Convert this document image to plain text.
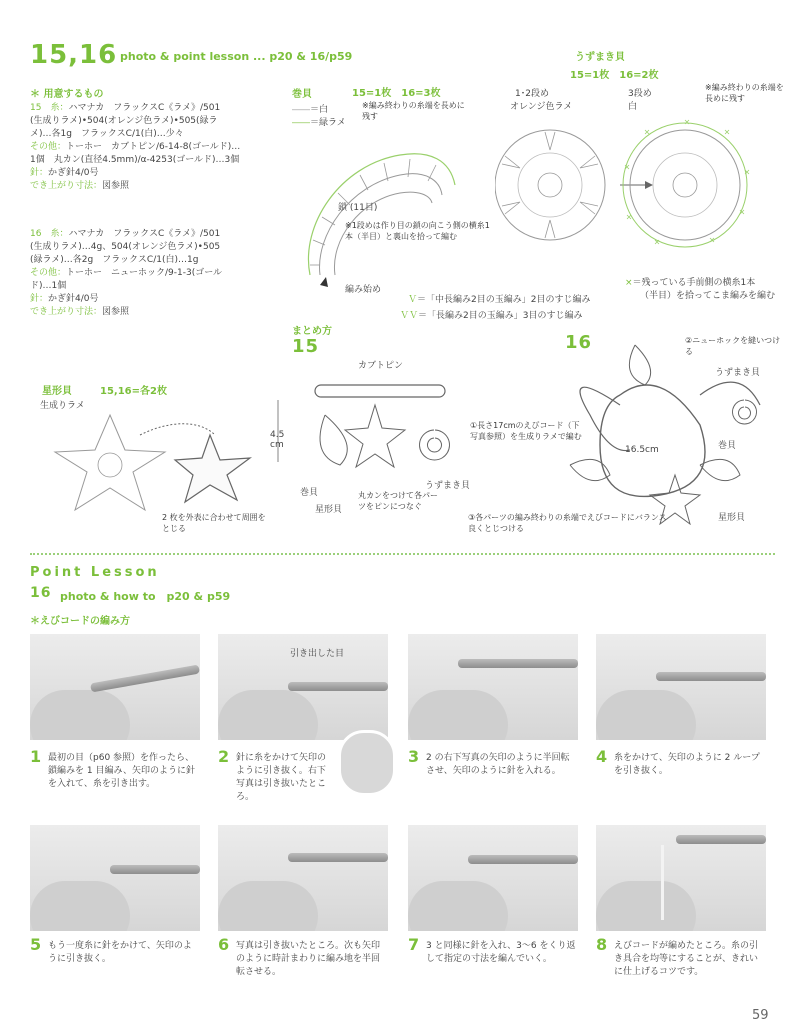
15,16 photo & point lesson ... p20 & 16/p59
＊ 用意するもの
15　糸：ハマナカ　フラックスC《ラメ》/501
(生成りラメ)•504(オレンジ色ラメ)•505(緑ラ
メ)…各1g　フラックスC/1(白)…少々
その他：トーホー　カブトピン/6-14-8(ゴールド)…
1個　丸カン(直径4.5mm)/α-4253(ゴールド)…3個
針：かぎ針4/0号
でき上がり寸法：図参照
16　糸：ハマナカ　フラックスC《ラメ》/501
(生成りラメ)…4g、504(オレンジ色ラメ)•505
(緑ラメ)…各2g　フラックスC/1(白)…1g
その他：トーホー　ニューホック/9-1-3(ゴール
ド)…1個
針：かぎ針4/0号
でき上がり寸法：図参照
巻貝	15=1枚　16=3枚
――＝白
――＝緑ラメ
※編み終わりの糸端を長めに残す
鎖 (11目)
※1段めは作り目の鎖の向こう側の横糸1本（半目）と裏山を拾って編む
編み始め
Ｖ＝「中長編み2目の玉編み」2目のすじ編み
ＶＶ＝「長編み2目の玉編み」3目のすじ編み
うずまき貝
15=1枚　16=2枚
1･2段め
オレンジ色ラメ
3段め
白
※編み終わりの糸端を長めに残す
×＝残っている手前側の横糸1本
（半目）を拾ってこま編みを編む
星形貝	15,16=各2枚
生成りラメ
2 枚を外表に合わせて周囲をとじる
まとめ方
15
カブトピン
4.5 cm
巻貝
星形貝
うずまき貝
丸カンをつけて各パーツをピンにつなぐ
16	②ニューホックを縫いつける
うずまき貝
①長さ17cmのえびコード（下写真参照）を生成りラメで編む
16.5cm	巻貝
星形貝
③各パーツの編み終わりの糸端でえびコードにバランス良くとじつける
Point Lesson
16 photo & how to　p20 & p59
＊えびコードの編み方
引き出した目
1 最初の目（p60 参照）を作ったら、鎖編みを 1 目編み、矢印のように針を入れて、糸を引き出す。
2 針に糸をかけて矢印のように引き抜く。右下写真は引き抜いたところ。
3 2 の右下写真の矢印のように半回転させ、矢印のように針を入れる。
4 糸をかけて、矢印のように 2 ループを引き抜く。
5 もう一度糸に針をかけて、矢印のように引き抜く。
6 写真は引き抜いたところ。次も矢印のように時計まわりに編み地を半回転させる。
7 3 と同様に針を入れ、3～6 をくり返して指定の寸法を編んでいく。
8 えびコードが編めたところ。糸の引き具合を均等にすることが、きれいに仕上げるコツです。
59
